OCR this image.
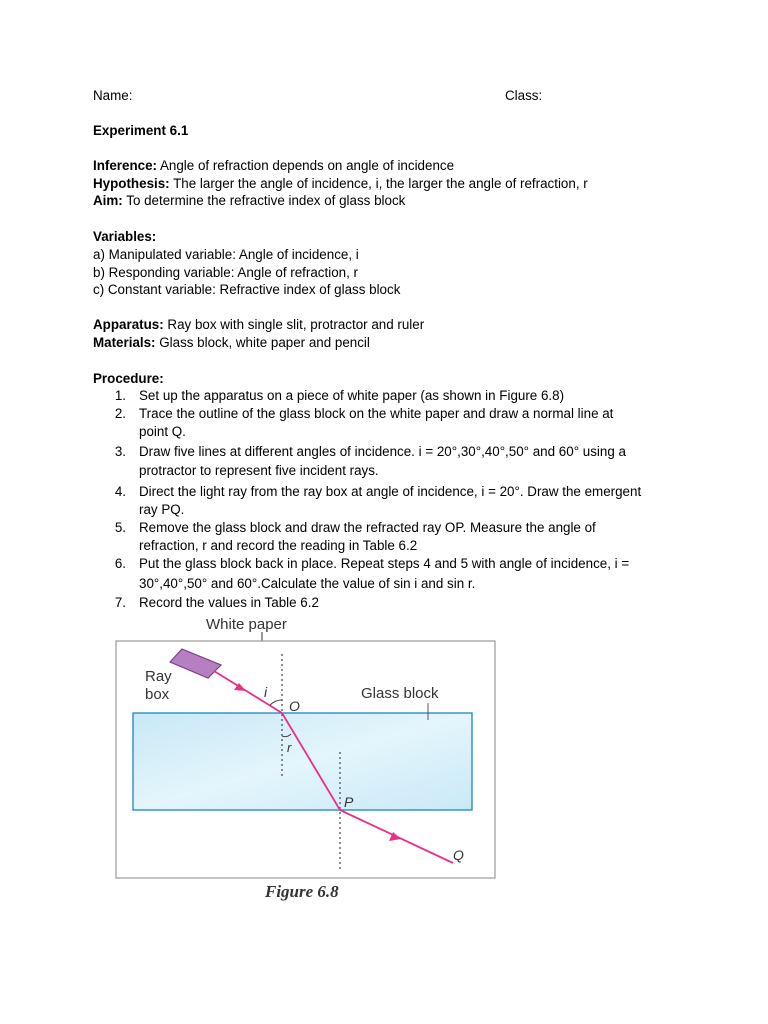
Name:	Class:
Experiment 6.1
Inference: Angle of refraction depends on angle of incidence
Hypothesis: The larger the angle of incidence, i, the larger the angle of refraction, r
Aim: To determine the refractive index of glass block
Variables:
a) Manipulated variable: Angle of incidence, i
b) Responding variable: Angle of refraction, r
c) Constant variable: Refractive index of glass block
Apparatus: Ray box with single slit, protractor and ruler
Materials: Glass block, white paper and pencil
Procedure:
1. Set up the apparatus on a piece of white paper (as shown in Figure 6.8)
2. Trace the outline of the glass block on the white paper and draw a normal line at
point Q.
3. Draw five lines at different angles of incidence. i = 20°,30°,40°,50° and 60° using a
protractor to represent five incident rays.
4. Direct the light ray from the ray box at angle of incidence, i = 20°. Draw the emergent
ray PQ.
5. Remove the glass block and draw the refracted ray OP. Measure the angle of
refraction, r and record the reading in Table 6.2
6. Put the glass block back in place. Repeat steps 4 and 5 with angle of incidence, i =
30°,40°,50° and 60°.Calculate the value of sin i and sin r.
7. Record the values in Table 6.2
White paper
Ray
box	Glass block
i
r
O
P
Q
Figure 6.8
